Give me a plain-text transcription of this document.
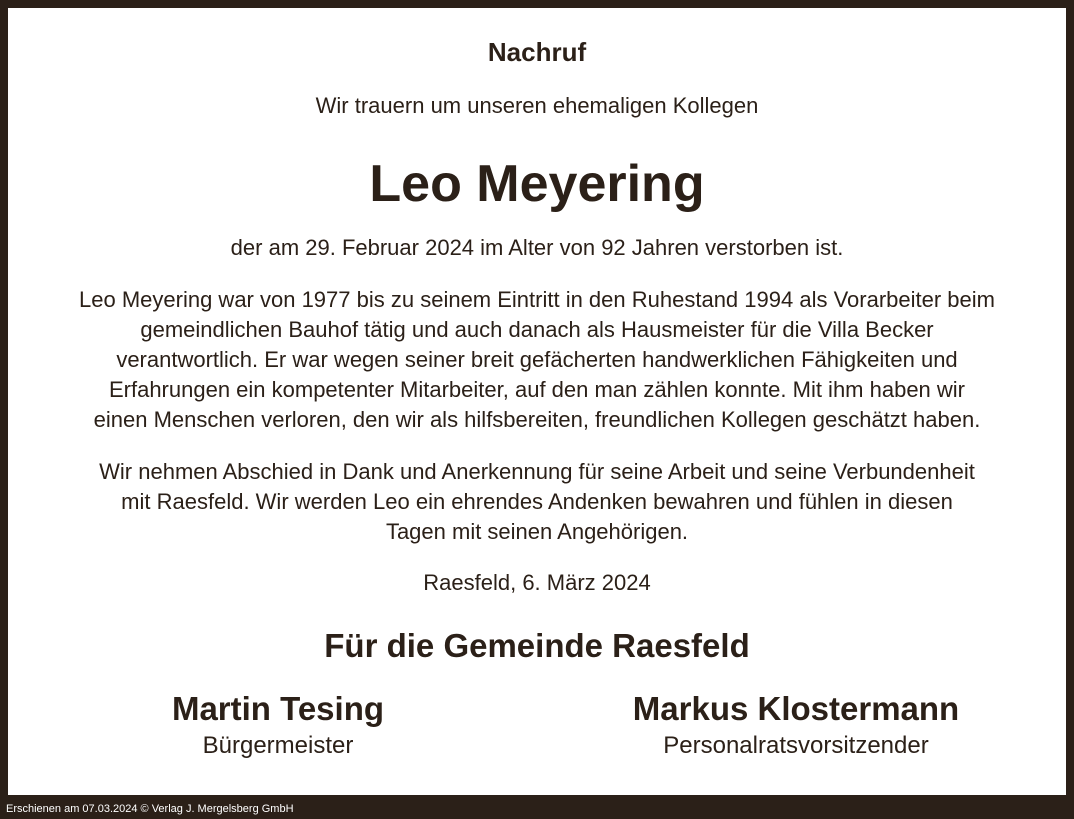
Nachruf
Wir trauern um unseren ehemaligen Kollegen
Leo Meyering
der am 29. Februar 2024 im Alter von 92 Jahren verstorben ist.
Leo Meyering war von 1977 bis zu seinem Eintritt in den Ruhestand 1994 als Vorarbeiter beim
gemeindlichen Bauhof tätig und auch danach als Hausmeister für die Villa Becker
verantwortlich. Er war wegen seiner breit gefächerten handwerklichen Fähigkeiten und
Erfahrungen ein kompetenter Mitarbeiter, auf den man zählen konnte. Mit ihm haben wir
einen Menschen verloren, den wir als hilfsbereiten, freundlichen Kollegen geschätzt haben.
Wir nehmen Abschied in Dank und Anerkennung für seine Arbeit und seine Verbundenheit
mit Raesfeld. Wir werden Leo ein ehrendes Andenken bewahren und fühlen in diesen
Tagen mit seinen Angehörigen.
Raesfeld, 6. März 2024
Für die Gemeinde Raesfeld
Martin Tesing
Bürgermeister
Markus Klostermann
Personalratsvorsitzender
Erschienen am 07.03.2024 © Verlag J. Mergelsberg GmbH
